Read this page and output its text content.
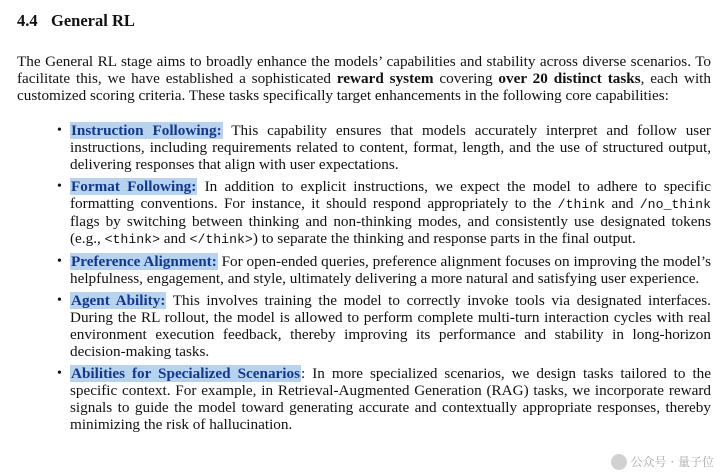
4.4 General RL

The General RL stage aims to broadly enhance the models’ capabilities and stability across diverse scenarios. To facilitate this, we have established a sophisticated reward system covering over 20 distinct tasks, each with customized scoring criteria. These tasks specifically target enhancements in the following core capabilities:

• Instruction Following: This capability ensures that models accurately interpret and follow user instructions, including requirements related to content, format, length, and the use of structured output, delivering responses that align with user expectations.
• Format Following: In addition to explicit instructions, we expect the model to adhere to specific formatting conventions. For instance, it should respond appropriately to the /think and /no_think flags by switching between thinking and non-thinking modes, and consistently use designated tokens (e.g., <think> and </think>) to separate the thinking and response parts in the final output.
• Preference Alignment: For open-ended queries, preference alignment focuses on improving the model’s helpfulness, engagement, and style, ultimately delivering a more natural and satisfying user experience.
• Agent Ability: This involves training the model to correctly invoke tools via designated interfaces. During the RL rollout, the model is allowed to perform complete multi-turn interaction cycles with real environment execution feedback, thereby improving its performance and stability in long-horizon decision-making tasks.
• Abilities for Specialized Scenarios: In more specialized scenarios, we design tasks tailored to the specific context. For example, in Retrieval-Augmented Generation (RAG) tasks, we incorporate reward signals to guide the model toward generating accurate and contextually appropriate responses, thereby minimizing the risk of hallucination.
公众号 · 量子位
